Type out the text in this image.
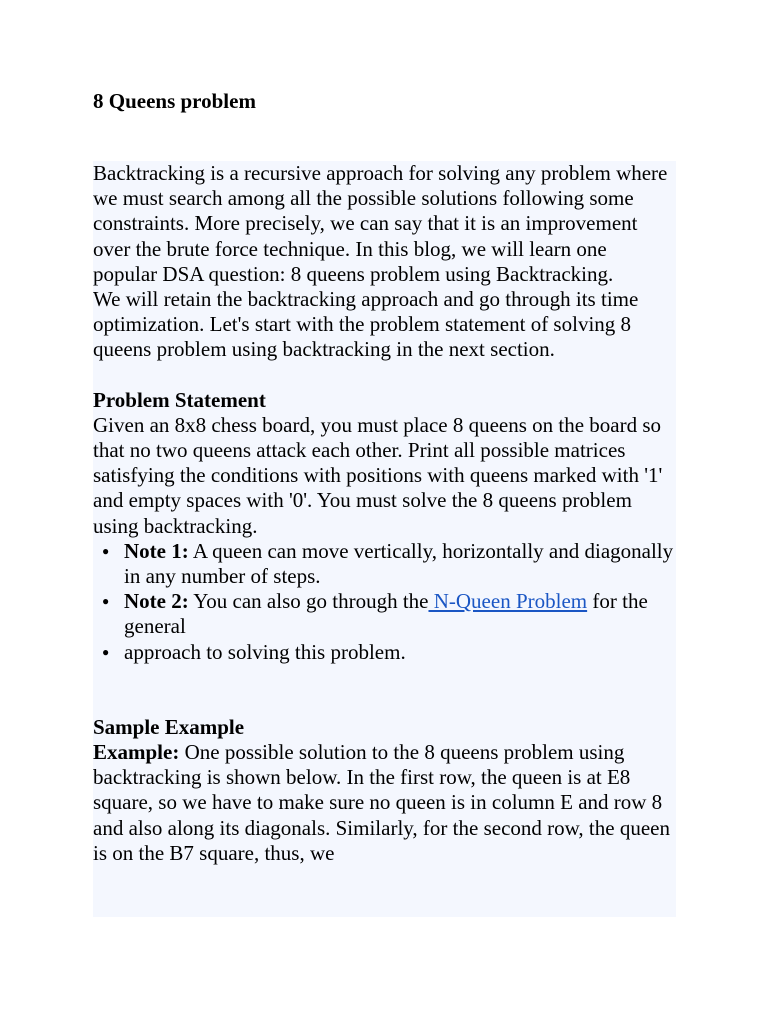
8 Queens problem

Backtracking is a recursive approach for solving any problem where we must search among all the possible solutions following some constraints. More precisely, we can say that it is an improvement over the brute force technique. In this blog, we will learn one popular DSA question: 8 queens problem using Backtracking.

We will retain the backtracking approach and go through its time optimization. Let's start with the problem statement of solving 8 queens problem using backtracking in the next section.

Problem Statement

Given an 8x8 chess board, you must place 8 queens on the board so that no two queens attack each other. Print all possible matrices satisfying the conditions with positions with queens marked with '1' and empty spaces with '0'. You must solve the 8 queens problem using backtracking.

● Note 1: A queen can move vertically, horizontally and diagonally in any number of steps.
● Note 2: You can also go through the N-Queen Problem for the general
● approach to solving this problem.

Sample Example

Example: One possible solution to the 8 queens problem using backtracking is shown below. In the first row, the queen is at E8 square, so we have to make sure no queen is in column E and row 8 and also along its diagonals. Similarly, for the second row, the queen is on the B7 square, thus, we
